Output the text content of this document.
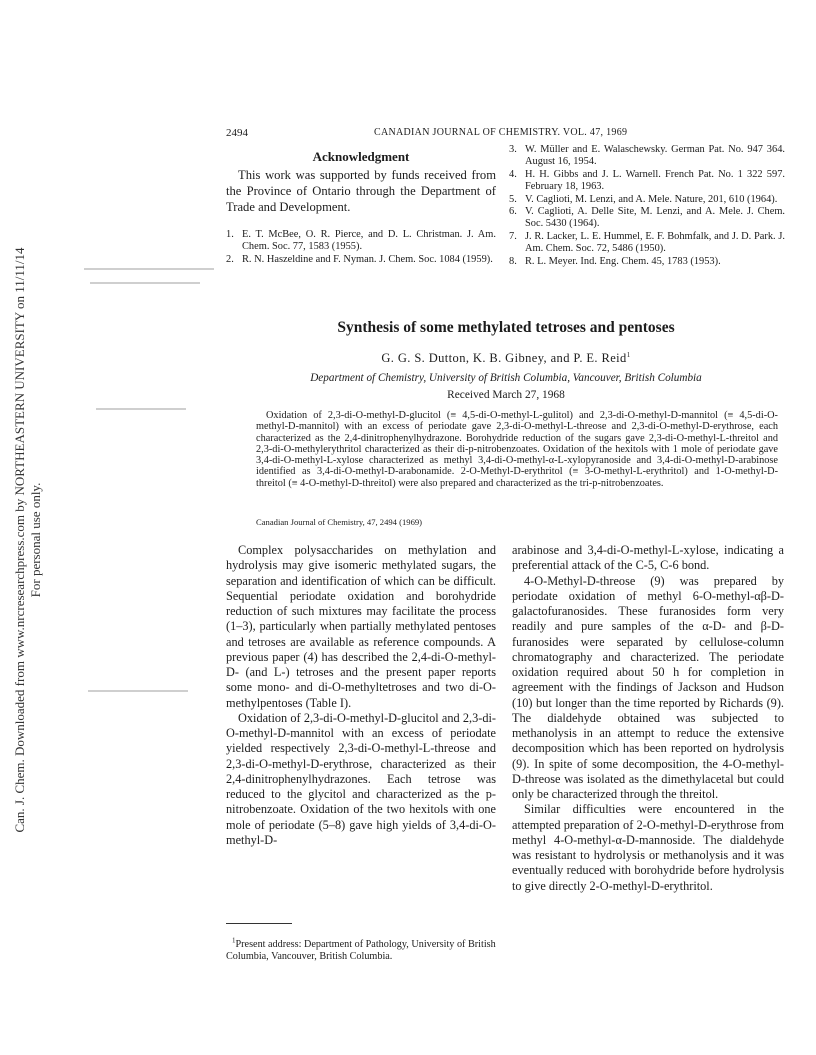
Can. J. Chem. Downloaded from www.nrcresearchpress.com by NORTHEASTERN UNIVERSITY on 11/11/14 For personal use only.
2494	CANADIAN JOURNAL OF CHEMISTRY. VOL. 47, 1969
Acknowledgment

This work was supported by funds received from the Province of Ontario through the Department of Trade and Development.

1. E. T. McBee, O. R. Pierce, and D. L. Christman. J. Am. Chem. Soc. 77, 1583 (1955).
2. R. N. Haszeldine and F. Nyman. J. Chem. Soc. 1084 (1959).
3. W. Müller and E. Walaschewsky. German Pat. No. 947 364. August 16, 1954.
4. H. H. Gibbs and J. L. Warnell. French Pat. No. 1 322 597. February 18, 1963.
5. V. Caglioti, M. Lenzi, and A. Mele. Nature, 201, 610 (1964).
6. V. Caglioti, A. Delle Site, M. Lenzi, and A. Mele. J. Chem. Soc. 5430 (1964).
7. J. R. Lacker, L. E. Hummel, E. F. Bohmfalk, and J. D. Park. J. Am. Chem. Soc. 72, 5486 (1950).
8. R. L. Meyer. Ind. Eng. Chem. 45, 1783 (1953).
Synthesis of some methylated tetroses and pentoses
G. G. S. Dutton, K. B. Gibney, and P. E. Reid$^1$
Department of Chemistry, University of British Columbia, Vancouver, British Columbia
Received March 27, 1968

Oxidation of 2,3-di-O-methyl-D-glucitol (≡ 4,5-di-O-methyl-L-gulitol) and 2,3-di-O-methyl-D-mannitol (≡ 4,5-di-O-methyl-D-mannitol) with an excess of periodate gave 2,3-di-O-methyl-L-threose and 2,3-di-O-methyl-D-erythrose, each characterized as the 2,4-dinitrophenylhydrazone. Borohydride reduction of the sugars gave 2,3-di-O-methyl-L-threitol and 2,3-di-O-methylerythritol characterized as their di-p-nitrobenzoates. Oxidation of the hexitols with 1 mole of periodate gave 3,4-di-O-methyl-L-xylose characterized as methyl 3,4-di-O-methyl-α-L-xylopyranoside and 3,4-di-O-methyl-D-arabinose identified as 3,4-di-O-methyl-D-arabonamide. 2-O-Methyl-D-erythritol (≡ 3-O-methyl-L-erythritol) and 1-O-methyl-D-threitol (≡ 4-O-methyl-D-threitol) were also prepared and characterized as the tri-p-nitrobenzoates.

Canadian Journal of Chemistry, 47, 2494 (1969)

Complex polysaccharides on methylation and hydrolysis may give isomeric methylated sugars, the separation and identification of which can be difficult. Sequential periodate oxidation and borohydride reduction of such mixtures may facilitate the process (1–3), particularly when partially methylated pentoses and tetroses are available as reference compounds. A previous paper (4) has described the 2,4-di-O-methyl-D- (and L-) tetroses and the present paper reports some mono- and di-O-methyltetroses and two di-O-methylpentoses (Table I).

Oxidation of 2,3-di-O-methyl-D-glucitol and 2,3-di-O-methyl-D-mannitol with an excess of periodate yielded respectively 2,3-di-O-methyl-L-threose and 2,3-di-O-methyl-D-erythrose, characterized as their 2,4-dinitrophenylhydrazones. Each tetrose was reduced to the glycitol and characterized as the p-nitrobenzoate. Oxidation of the two hexitols with one mole of periodate (5–8) gave high yields of 3,4-di-O-methyl-D-

arabinose and 3,4-di-O-methyl-L-xylose, indicating a preferential attack of the C-5, C-6 bond.

4-O-Methyl-D-threose (9) was prepared by periodate oxidation of methyl 6-O-methyl-αβ-D-galactofuranosides. These furanosides form very readily and pure samples of the α-D- and β-D-furanosides were separated by cellulose-column chromatography and characterized. The periodate oxidation required about 50 h for completion in agreement with the findings of Jackson and Hudson (10) but longer than the time reported by Richards (9). The dialdehyde obtained was subjected to methanolysis in an attempt to reduce the extensive decomposition which has been reported on hydrolysis (9). In spite of some decomposition, the 4-O-methyl-D-threose was isolated as the dimethylacetal but could only be characterized through the threitol.

Similar difficulties were encountered in the attempted preparation of 2-O-methyl-D-erythrose from methyl 4-O-methyl-α-D-mannoside. The dialdehyde was resistant to hydrolysis or methanolysis and it was eventually reduced with borohydride before hydrolysis to give directly 2-O-methyl-D-erythritol.

$^1$Present address: Department of Pathology, University of British Columbia, Vancouver, British Columbia.
